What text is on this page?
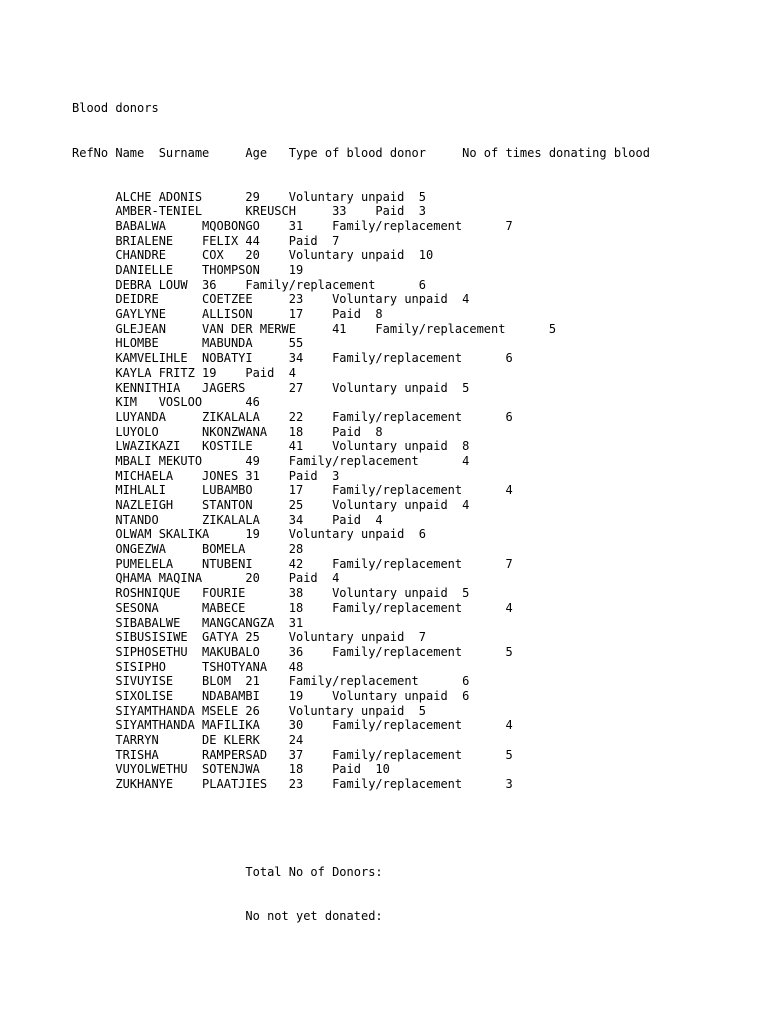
Blood donors

RefNo Name  Surname     Age   Type of blood donor     No of times donating blood

ALCHE ADONIS      29    Voluntary unpaid  5
AMBER-TENIEL      KREUSCH     33    Paid  3
BABALWA     MQOBONGO    31    Family/replacement      7
BRIALENE    FELIX 44    Paid  7
CHANDRE     COX   20    Voluntary unpaid  10
DANIELLE    THOMPSON    19
DEBRA LOUW  36    Family/replacement      6
DEIDRE      COETZEE     23    Voluntary unpaid  4
GAYLYNE     ALLISON     17    Paid  8
GLEJEAN     VAN DER MERWE     41    Family/replacement      5
HLOMBE      MABUNDA     55
KAMVELIHLE  NOBATYI     34    Family/replacement      6
KAYLA FRITZ 19    Paid  4
KENNITHIA   JAGERS      27    Voluntary unpaid  5
KIM   VOSLOO      46
LUYANDA     ZIKALALA    22    Family/replacement      6
LUYOLO      NKONZWANA   18    Paid  8
LWAZIKAZI   KOSTILE     41    Voluntary unpaid  8
MBALI MEKUTO      49    Family/replacement      4
MICHAELA    JONES 31    Paid  3
MIHLALI     LUBAMBO     17    Family/replacement      4
NAZLEIGH    STANTON     25    Voluntary unpaid  4
NTANDO      ZIKALALA    34    Paid  4
OLWAM SKALIKA     19    Voluntary unpaid  6
ONGEZWA     BOMELA      28
PUMELELA    NTUBENI     42    Family/replacement      7
QHAMA MAQINA      20    Paid  4
ROSHNIQUE   FOURIE      38    Voluntary unpaid  5
SESONA      MABECE      18    Family/replacement      4
SIBABALWE   MANGCANGZA  31
SIBUSISIWE  GATYA 25    Voluntary unpaid  7
SIPHOSETHU  MAKUBALO    36    Family/replacement      5
SISIPHO     TSHOTYANA   48
SIVUYISE    BLOM  21    Family/replacement      6
SIXOLISE    NDABAMBI    19    Voluntary unpaid  6
SIYAMTHANDA MSELE 26    Voluntary unpaid  5
SIYAMTHANDA MAFILIKA    30    Family/replacement      4
TARRYN      DE KLERK    24
TRISHA      RAMPERSAD   37    Family/replacement      5
VUYOLWETHU  SOTENJWA    18    Paid  10
ZUKHANYE    PLAATJIES   23    Family/replacement      3

Total No of Donors:

No not yet donated:
